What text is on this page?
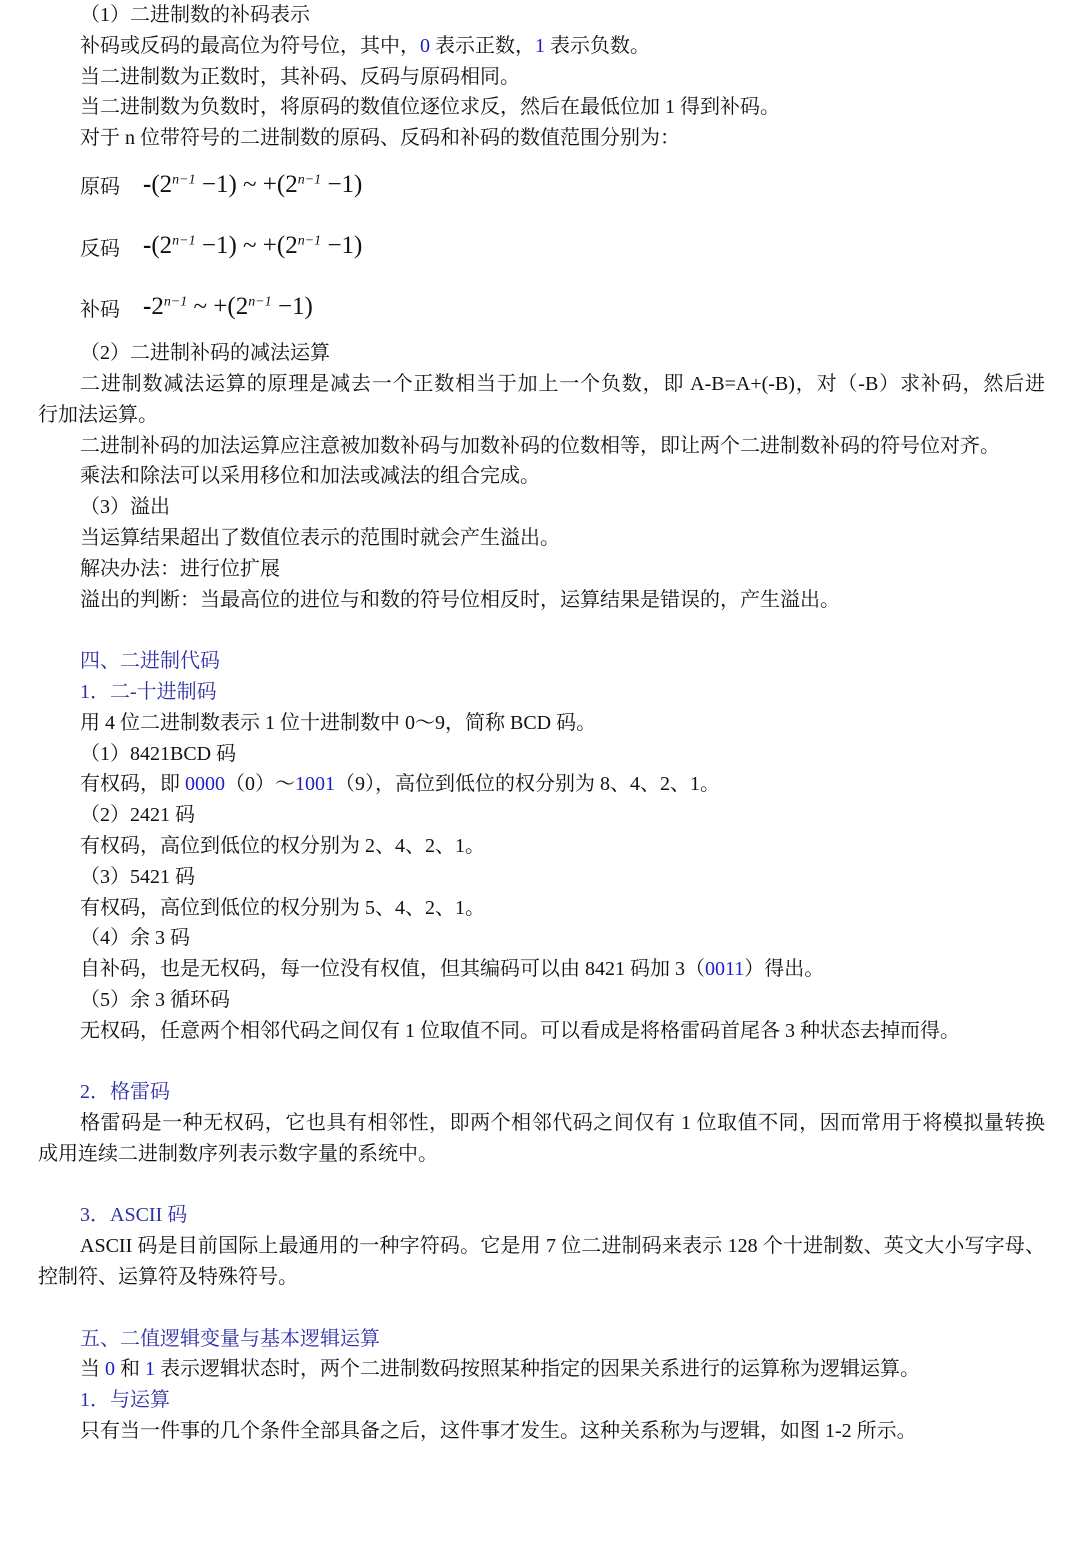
（1）二进制数的补码表示
补码或反码的最高位为符号位，其中，0 表示正数，1 表示负数。
当二进制数为正数时，其补码、反码与原码相同。
当二进制数为负数时，将原码的数值位逐位求反，然后在最低位加 1 得到补码。
对于 n 位带符号的二进制数的原码、反码和补码的数值范围分别为：
原码 $-(2^{n-1} -1)$ ~ $+(2^{n-1} -1)$
反码 $-(2^{n-1} -1)$ ~ $+(2^{n-1} -1)$
补码 $-2^{n-1}$ ~ $+(2^{n-1} -1)$
（2）二进制补码的减法运算
二进制数减法运算的原理是减去一个正数相当于加上一个负数，即 A-B=A+(-B)，对（-B）求补码，然后进
行加法运算。
二进制补码的加法运算应注意被加数补码与加数补码的位数相等，即让两个二进制数补码的符号位对齐。
乘法和除法可以采用移位和加法或减法的组合完成。
（3）溢出
当运算结果超出了数值位表示的范围时就会产生溢出。
解决办法：进行位扩展
溢出的判断：当最高位的进位与和数的符号位相反时，运算结果是错误的，产生溢出。
四、二进制代码
1．二-十进制码
用 4 位二进制数表示 1 位十进制数中 0～9，简称 BCD 码。
（1）8421BCD 码
有权码，即 0000（0）～1001（9），高位到低位的权分别为 8、4、2、1。
（2）2421 码
有权码，高位到低位的权分别为 2、4、2、1。
（3）5421 码
有权码，高位到低位的权分别为 5、4、2、1。
（4）余 3 码
自补码，也是无权码，每一位没有权值，但其编码可以由 8421 码加 3（0011）得出。
（5）余 3 循环码
无权码，任意两个相邻代码之间仅有 1 位取值不同。可以看成是将格雷码首尾各 3 种状态去掉而得。
2．格雷码
格雷码是一种无权码，它也具有相邻性，即两个相邻代码之间仅有 1 位取值不同，因而常用于将模拟量转换
成用连续二进制数序列表示数字量的系统中。
3．ASCII 码
ASCII 码是目前国际上最通用的一种字符码。它是用 7 位二进制码来表示 128 个十进制数、英文大小写字母、
控制符、运算符及特殊符号。
五、二值逻辑变量与基本逻辑运算
当 0 和 1 表示逻辑状态时，两个二进制数码按照某种指定的因果关系进行的运算称为逻辑运算。
1．与运算
只有当一件事的几个条件全部具备之后，这件事才发生。这种关系称为与逻辑，如图 1-2 所示。
